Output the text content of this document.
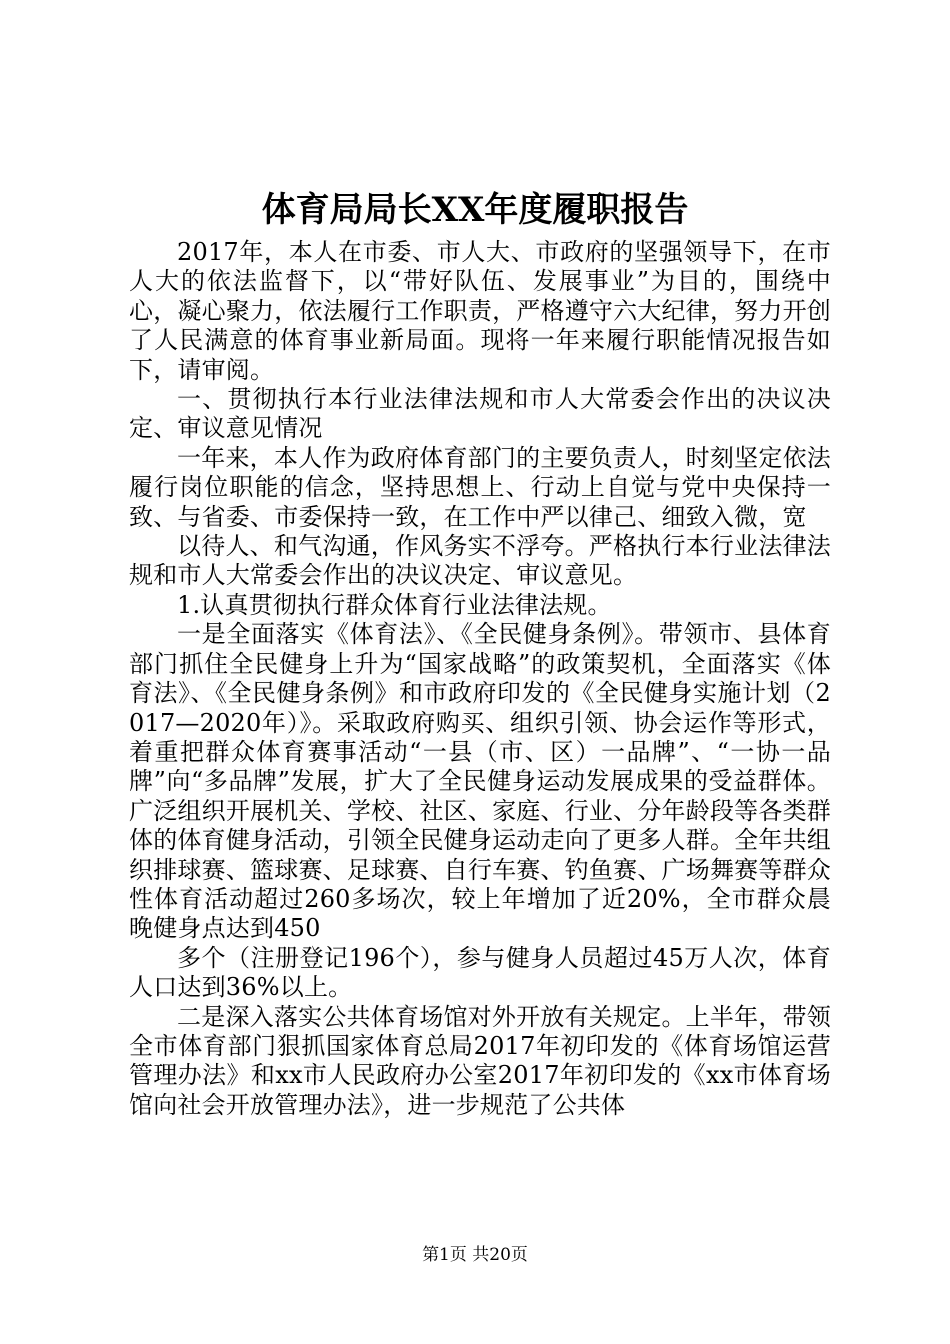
体育局局长XX年度履职报告

2017年，本人在市委、市人大、市政府的坚强领导下，在市人大的依法监督下，以“带好队伍、发展事业”为目的，围绕中心，凝心聚力，依法履行工作职责，严格遵守六大纪律，努力开创了人民满意的体育事业新局面。现将一年来履行职能情况报告如下，请审阅。

一、贯彻执行本行业法律法规和市人大常委会作出的决议决定、审议意见情况

一年来，本人作为政府体育部门的主要负责人，时刻坚定依法履行岗位职能的信念，坚持思想上、行动上自觉与党中央保持一致、与省委、市委保持一致，在工作中严以律己、细致入微，宽

以待人、和气沟通，作风务实不浮夸。严格执行本行业法律法规和市人大常委会作出的决议决定、审议意见。

1.认真贯彻执行群众体育行业法律法规。

一是全面落实《体育法》、《全民健身条例》。带领市、县体育部门抓住全民健身上升为“国家战略”的政策契机，全面落实《体育法》、《全民健身条例》和市政府印发的《全民健身实施计划（2017—2020年）》。采取政府购买、组织引领、协会运作等形式，着重把群众体育赛事活动“一县（市、区）一品牌”、“一协一品牌”向“多品牌”发展，扩大了全民健身运动发展成果的受益群体。广泛组织开展机关、学校、社区、家庭、行业、分年龄段等各类群体的体育健身活动，引领全民健身运动走向了更多人群。全年共组织排球赛、篮球赛、足球赛、自行车赛、钓鱼赛、广场舞赛等群众性体育活动超过260多场次，较上年增加了近20%，全市群众晨晚健身点达到450

多个（注册登记196个），参与健身人员超过45万人次，体育人口达到36%以上。

二是深入落实公共体育场馆对外开放有关规定。上半年，带领全市体育部门狠抓国家体育总局2017年初印发的《体育场馆运营管理办法》和xx市人民政府办公室2017年初印发的《xx市体育场馆向社会开放管理办法》，进一步规范了公共体

第1页 共20页
